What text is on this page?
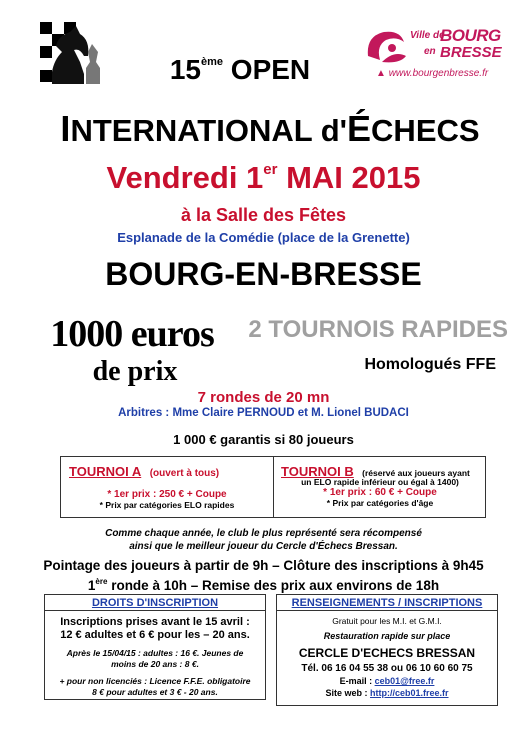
Ville de
BOURG
en BRESSE
▲ www.bourgenbresse.fr
15ème OPEN
INTERNATIONAL d'ÉCHECS
Vendredi 1er MAI 2015
à la Salle des Fêtes
Esplanade de la Comédie (place de la Grenette)
BOURG-EN-BRESSE
1000 euros
de prix
2 TOURNOIS RAPIDES
Homologués FFE
7 rondes de 20 mn
Arbitres : Mme Claire PERNOUD et M. Lionel BUDACI
1 000 € garantis si 80 joueurs
TOURNOI A (ouvert à tous)
* 1er prix : 250 € + Coupe
* Prix par catégories ELO rapides
TOURNOI B (réservé aux joueurs ayant
un ELO rapide inférieur ou égal à 1400)
* 1er prix : 60 € + Coupe
* Prix par catégories d'âge
Comme chaque année, le club le plus représenté sera récompensé
ainsi que le meilleur joueur du Cercle d'Échecs Bressan.
Pointage des joueurs à partir de 9h – Clôture des inscriptions à 9h45
1ère ronde à 10h – Remise des prix aux environs de 18h
DROITS D'INSCRIPTION
Inscriptions prises avant le 15 avril :
12 € adultes et 6 € pour les – 20 ans.
Après le 15/04/15 : adultes : 16 €. Jeunes de
moins de 20 ans : 8 €.
+ pour non licenciés : Licence F.F.E. obligatoire
8 € pour adultes et 3 € - 20 ans.
RENSEIGNEMENTS / INSCRIPTIONS
Gratuit pour les M.I. et G.M.I.
Restauration rapide sur place
CERCLE D'ECHECS BRESSAN
Tél. 06 16 04 55 38 ou 06 10 60 60 75
E-mail : ceb01@free.fr
Site web : http://ceb01.free.fr
